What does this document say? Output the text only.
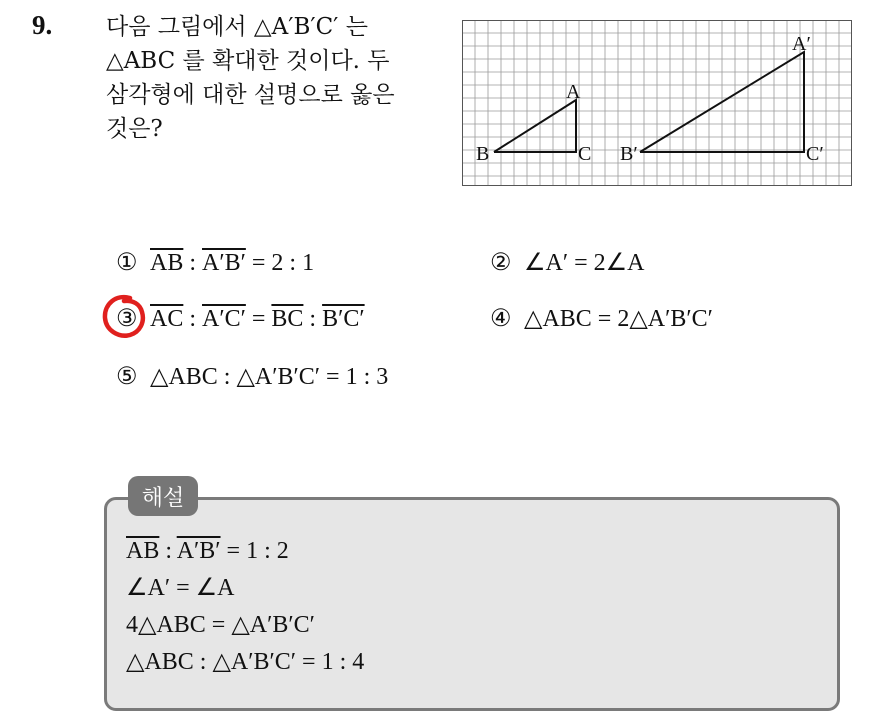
9. 다음 그림에서 △A′B′C′ 는
△ABC 를 확대한 것이다. 두
삼각형에 대한 설명으로 옳은
것은?
A
B	C
A′
B′	C′
① $\overline{AB}$ : A′B′ = 2 : 1	② ∠A′ = 2∠A
③ $\overline{AC}$ : $A'C' = \overline{BC}$ : B′C′	④ △ABC = 2△A′B′C′
⑤ △ABC : △A′B′C′ = 1 : 3
해설
$\overline{AB}$ : A′B′ = 1 : 2
∠A′ = ∠A
4△ABC = △A′B′C′
△ABC : △A′B′C′ = 1 : 4
